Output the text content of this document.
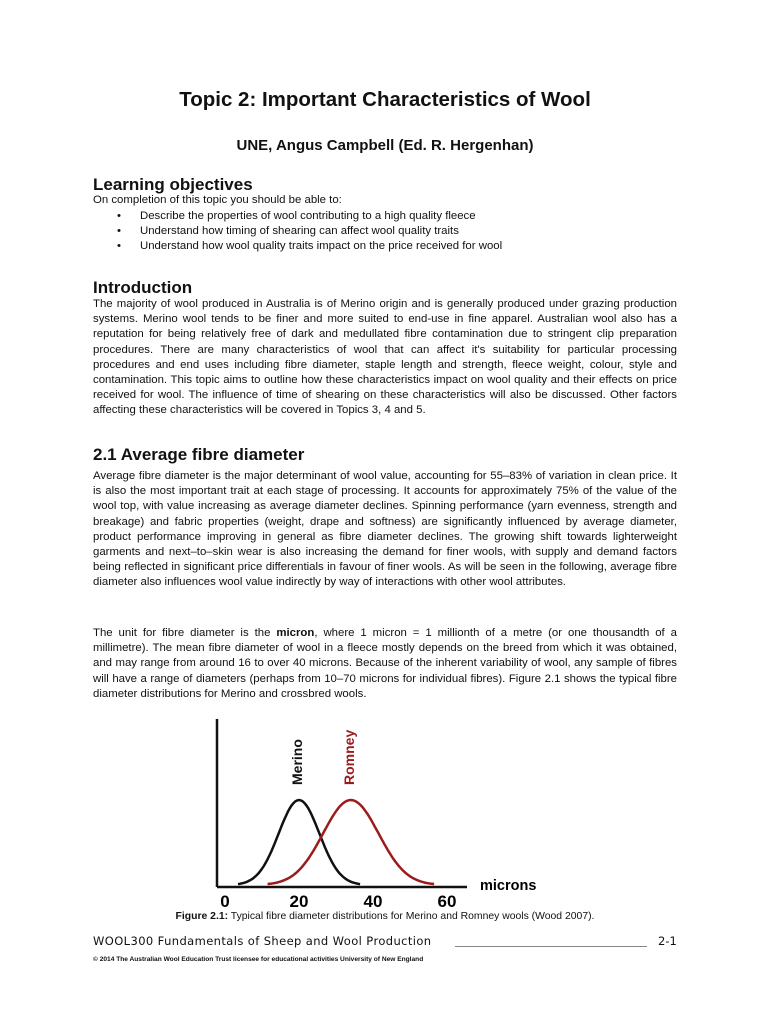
Topic 2: Important Characteristics of Wool
UNE, Angus Campbell (Ed. R. Hergenhan)
Learning objectives

On completion of this topic you should be able to:

• Describe the properties of wool contributing to a high quality fleece
• Understand how timing of shearing can affect wool quality traits
• Understand how wool quality traits impact on the price received for wool
Introduction

The majority of wool produced in Australia is of Merino origin and is generally produced under grazing production systems. Merino wool tends to be finer and more suited to end-use in fine apparel. Australian wool also has a reputation for being relatively free of dark and medullated fibre contamination due to stringent clip preparation procedures. There are many characteristics of wool that can affect it's suitability for particular processing procedures and end uses including fibre diameter, staple length and strength, fleece weight, colour, style and contamination. This topic aims to outline how these characteristics impact on wool quality and their effects on price received for wool. The influence of time of shearing on these characteristics will also be discussed. Other factors affecting these characteristics will be covered in Topics 3, 4 and 5.

2.1 Average fibre diameter

Average fibre diameter is the major determinant of wool value, accounting for 55–83% of variation in clean price. It is also the most important trait at each stage of processing. It accounts for approximately 75% of the value of the wool top, with value increasing as average diameter declines. Spinning performance (yarn evenness, strength and breakage) and fabric properties (weight, drape and softness) are significantly influenced by average diameter, product performance improving in general as fibre diameter declines. The growing shift towards lighterweight garments and next–to–skin wear is also increasing the demand for finer wools, with supply and demand factors being reflected in significant price differentials in favour of finer wools. As will be seen in the following, average fibre diameter also influences wool value indirectly by way of interactions with other wool attributes.

The unit for fibre diameter is the micron, where 1 micron = 1 millionth of a metre (or one thousandth of a millimetre). The mean fibre diameter of wool in a fleece mostly depends on the breed from which it was obtained, and may range from around 16 to over 40 microns. Because of the inherent variability of wool, any sample of fibres will have a range of diameters (perhaps from 10–70 microns for individual fibres). Figure 2.1 shows the typical fibre diameter distributions for Merino and crossbred wools.

Merino	Romney
0	20	40	60
microns

Figure 2.1: Typical fibre diameter distributions for Merino and Romney wools (Wood 2007).

WOOL300 Fundamentals of Sheep and Wool Production	2-1
© 2014 The Australian Wool Education Trust licensee for educational activities University of New England
